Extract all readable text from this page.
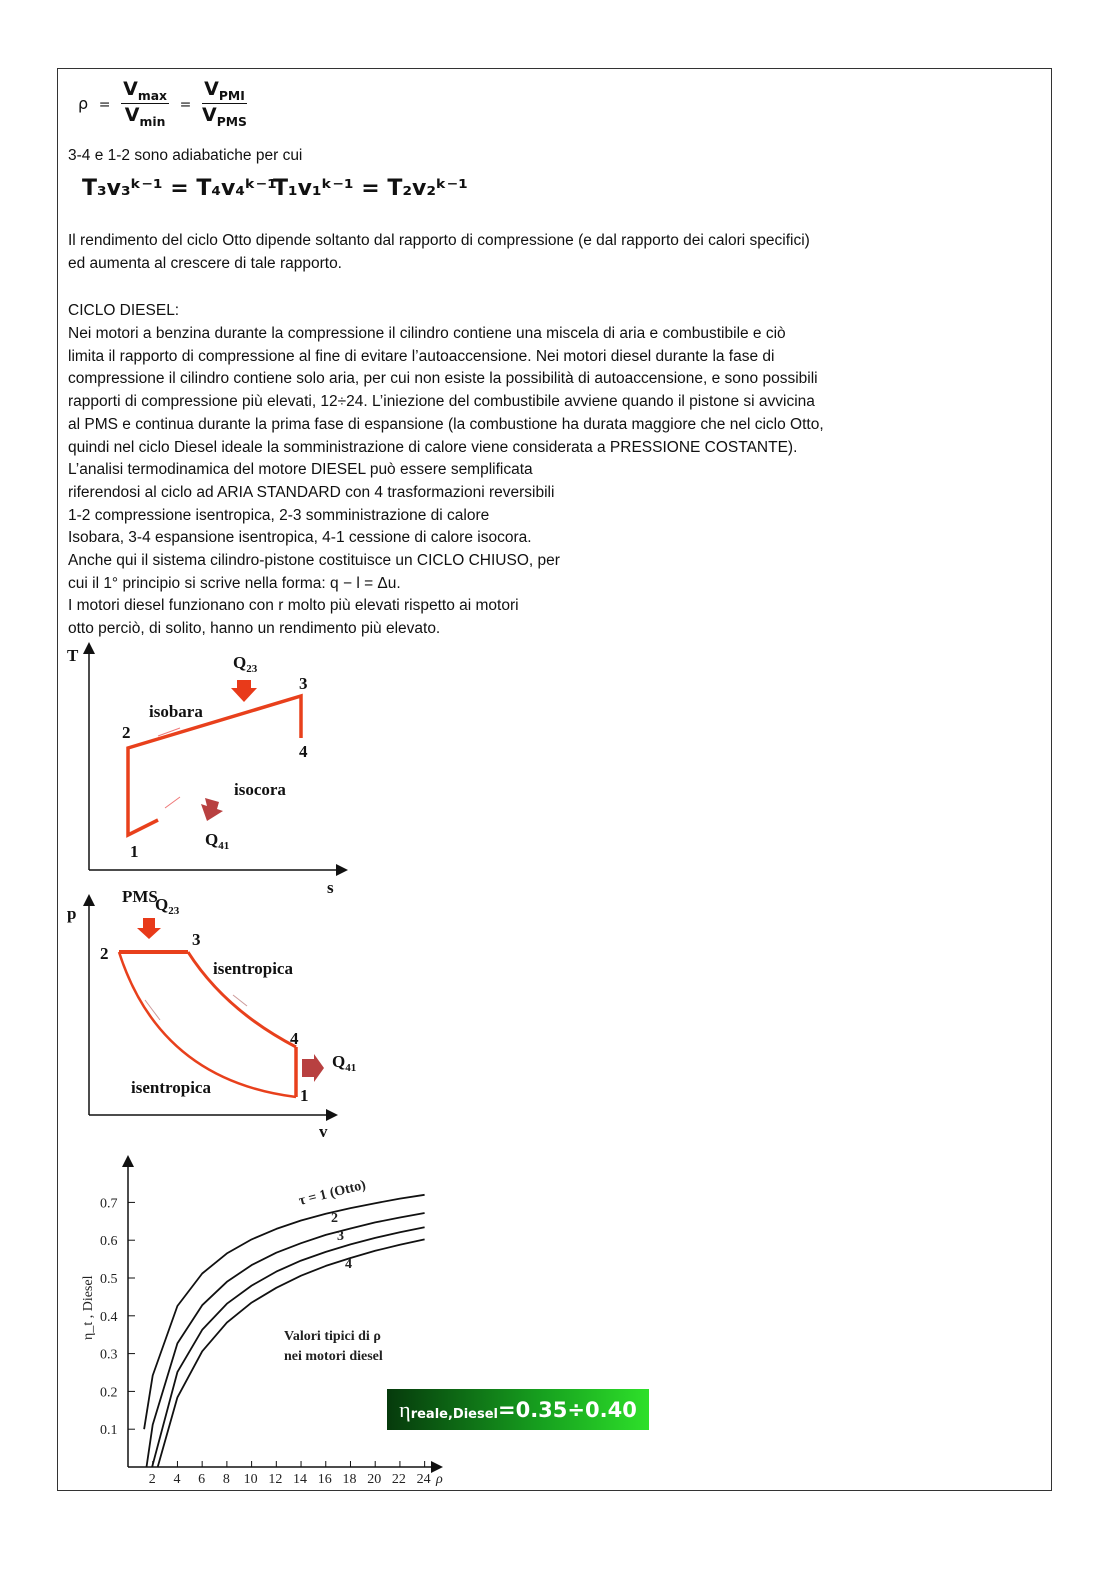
$\rho = \frac{V_{max}}{V_{min}} = \frac{V_{PMI}}{V_{PMS}}$
3-4 e 1-2 sono adiabatiche per cui
T₃v₃ᵏ⁻¹ = T₄v₄ᵏ⁻¹
T₁v₁ᵏ⁻¹ = T₂v₂ᵏ⁻¹
Il rendimento del ciclo Otto dipende soltanto dal rapporto di compressione (e dal rapporto dei calori specifici)
ed aumenta al crescere di tale rapporto.
CICLO DIESEL:
Nei motori a benzina durante la compressione il cilindro contiene una miscela di aria e combustibile e ciò
limita il rapporto di compressione al fine di evitare l’autoaccensione. Nei motori diesel durante la fase di
compressione il cilindro contiene solo aria, per cui non esiste la possibilità di autoaccensione, e sono possibili
rapporti di compressione più elevati, 12÷24. L’iniezione del combustibile avviene quando il pistone si avvicina
al PMS e continua durante la prima fase di espansione (la combustione ha durata maggiore che nel ciclo Otto,
quindi nel ciclo Diesel ideale la somministrazione di calore viene considerata a PRESSIONE COSTANTE).
L’analisi termodinamica del motore DIESEL può essere semplificata
riferendosi al ciclo ad ARIA STANDARD con 4 trasformazioni reversibili
1-2 compressione isentropica, 2-3 somministrazione di calore
Isobara, 3-4 espansione isentropica, 4-1 cessione di calore isocora.
Anche qui il sistema cilindro-pistone costituisce un CICLO CHIUSO, per
cui il 1° principio si scrive nella forma: q − l = Δu.
I motori diesel funzionano con r molto più elevati rispetto ai motori
otto perciò, di solito, hanno un rendimento più elevato.
T
s
1
2
3
4
isobara
isocora
$Q_{23}$
$Q_{41}$
p
v
PMS
$Q_{23}$
2
3
4
1
isentropica
isentropica
$Q_{41}$
η_t , Diesel
ρ
Valori tipici di ρ
nei motori diesel
2 4 6 8 10 12 14 16 18 20 22 24
0.1
0.2
0.3
0.4
0.5
0.6
0.7	τ = 1 (Otto)
2
3
4
η reale,Diesel =0.35÷0.40
